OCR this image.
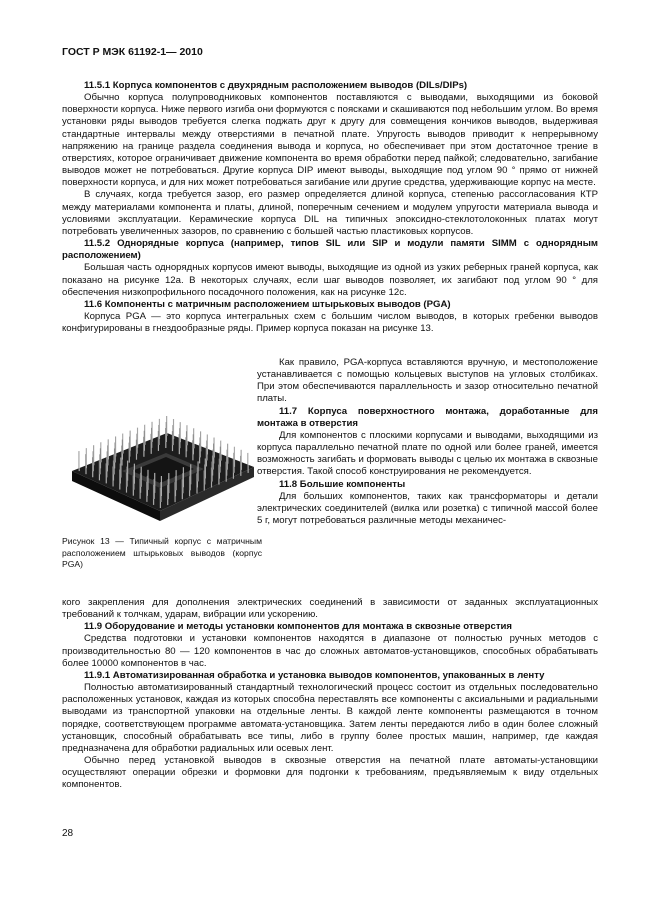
ГОСТ Р МЭК 61192-1— 2010

11.5.1 Корпуса компонентов с двухрядным расположением выводов (DILs/DIPs)

Обычно корпуса полупроводниковых компонентов поставляются с выводами, выходящими из боковой поверхности корпуса. Ниже первого изгиба они формуются с поясками и скашиваются под небольшим углом. Во время установки ряды выводов требуется слегка поджать друг к другу для совмещения кончиков выводов, выдерживая стандартные интервалы между отверстиями в печатной плате. Упругость выводов приводит к непрерывному напряжению на границе раздела соединения вывода и корпуса, но обеспечивает при этом достаточное трение в отверстиях, которое ограничивает движение компонента во время обработки перед пайкой; следовательно, загибание выводов может не потребоваться. Другие корпуса DIP имеют выводы, выходящие под углом 90 ° прямо от нижней поверхности корпуса, и для них может потребоваться загибание или другие средства, удерживающие корпус на месте.

В случаях, когда требуется зазор, его размер определяется длиной корпуса, степенью рассогласования КТР между материалами компонента и платы, длиной, поперечным сечением и модулем упругости материала вывода и условиями эксплуатации. Керамические корпуса DIL на типичных эпоксидно-стеклотолоконных платах могут потребовать увеличенных зазоров, по сравнению с большей частью пластиковых корпусов.

11.5.2 Однорядные корпуса (например, типов SIL или SIP и модули памяти SIMM с однорядным расположением)

Большая часть однорядных корпусов имеют выводы, выходящие из одной из узких реберных граней корпуса, как показано на рисунке 12а. В некоторых случаях, если шаг выводов позволяет, их загибают под углом 90 ° для обеспечения низкопрофильного посадочного положения, как на рисунке 12с.

11.6 Компоненты с матричным расположением штырьковых выводов (PGA)

Корпуса PGA — это корпуса интегральных схем с большим числом выводов, в которых гребенки выводов конфигурированы в гнездообразные ряды. Пример корпуса показан на рисунке 13.

Рисунок 13 — Типичный корпус с матричным расположением штырьковых выводов (корпус PGA)

Как правило, PGA-корпуса вставляются вручную, и местоположение устанавливается с помощью кольцевых выступов на угловых столбиках. При этом обеспечиваются параллельность и зазор относительно печатной платы.

11.7 Корпуса поверхностного монтажа, доработанные для монтажа в отверстия

Для компонентов с плоскими корпусами и выводами, выходящими из корпуса параллельно печатной плате по одной или более граней, имеется возможность загибать и формовать выводы с целью их монтажа в сквозные отверстия. Такой способ конструирования не рекомендуется.

11.8 Большие компоненты

Для больших компонентов, таких как трансформаторы и детали электрических соединителей (вилка или розетка) с типичной массой более 5 г, могут потребоваться различные методы механичес-

кого закрепления для дополнения электрических соединений в зависимости от заданных эксплуатационных требований к толчкам, ударам, вибрации или ускорению.

11.9 Оборудование и методы установки компонентов для монтажа в сквозные отверстия

Средства подготовки и установки компонентов находятся в диапазоне от полностью ручных методов с производительностью 80 — 120 компонентов в час до сложных автоматов-установщиков, способных обрабатывать более 10000 компонентов в час.

11.9.1 Автоматизированная обработка и установка выводов компонентов, упакованных в ленту

Полностью автоматизированный стандартный технологический процесс состоит из отдельных последовательно расположенных установок, каждая из которых способна переставлять все компоненты с аксиальными и радиальными выводами из транспортной упаковки на отдельные ленты. В каждой ленте компоненты размещаются в точном порядке, соответствующем программе автомата-установщика. Затем ленты передаются либо в один более сложный установщик, способный обрабатывать все типы, либо в группу более простых машин, например, где каждая предназначена для обработки радиальных или осевых лент.

Обычно перед установкой выводов в сквозные отверстия на печатной плате автоматы-установщики осуществляют операции обрезки и формовки для подгонки к требованиям, предъявляемым к виду отдельных компонентов.

28
